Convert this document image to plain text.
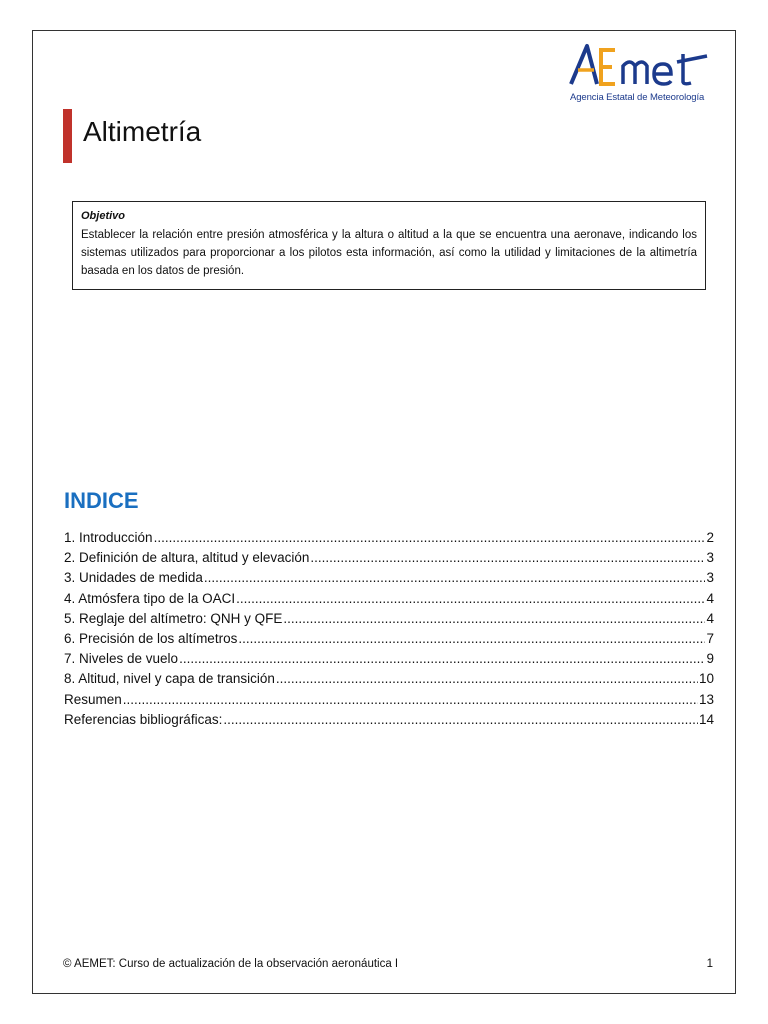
Agencia Estatal de Meteorología
Altimetría

Objetivo

Establecer la relación entre presión atmosférica y la altura o altitud a la que se encuentra una aeronave, indicando los sistemas utilizados para proporcionar a los pilotos esta información, así como la utilidad y limitaciones de la altimetría basada en los datos de presión.

INDICE
1. Introducción .....	2
2. Definición de altura, altitud y elevación .....	3
3. Unidades de medida .....	3
4. Atmósfera tipo de la OACI .....	4
5. Reglaje del altímetro: QNH y QFE .....	4
6. Precisión de los altímetros .....	7
7. Niveles de vuelo .....	9
8. Altitud, nivel y capa de transición .....	10
Resumen .....	13
Referencias bibliográficas: .....	14
© AEMET: Curso de actualización de la observación aeronáutica I	1
